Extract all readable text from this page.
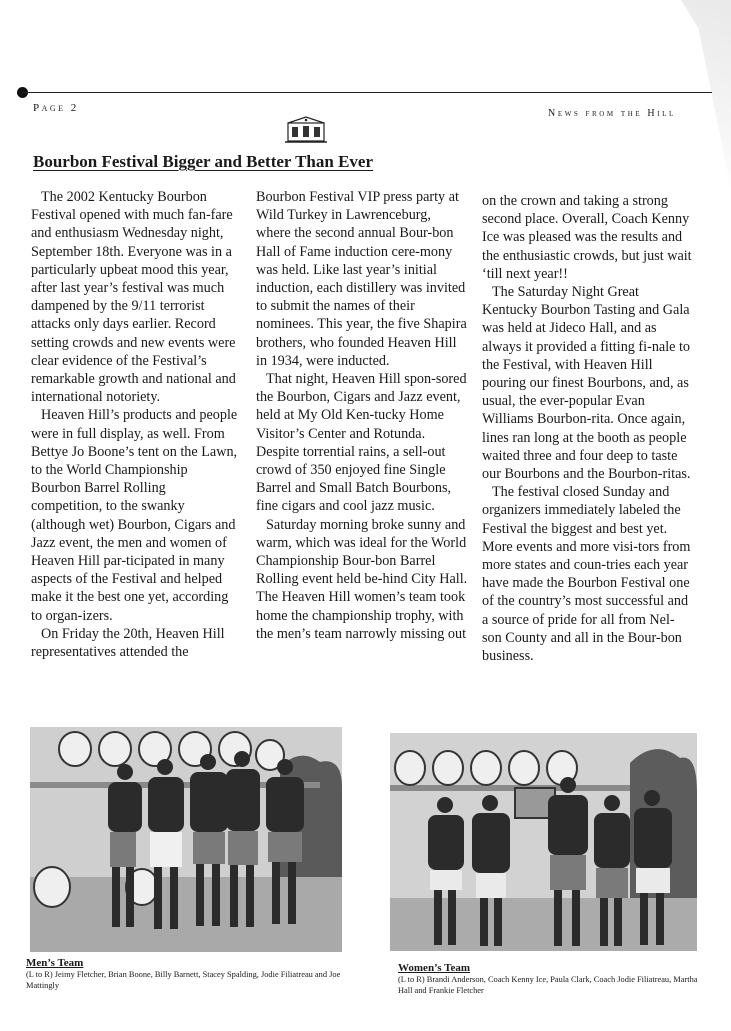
Page 2	News from the Hill
Bourbon Festival Bigger and Better Than Ever

The 2002 Kentucky Bourbon Festival opened with much fan-fare and enthusiasm Wednesday night, September 18th. Everyone was in a particularly upbeat mood this year, after last year’s festival was much dampened by the 9/11 terrorist attacks only days earlier. Record setting crowds and new events were clear evidence of the Festival’s remarkable growth and national and international notoriety.

Heaven Hill’s products and people were in full display, as well. From Bettye Jo Boone’s tent on the Lawn, to the World Championship Bourbon Barrel Rolling competition, to the swanky (although wet) Bourbon, Cigars and Jazz event, the men and women of Heaven Hill par-ticipated in many aspects of the Festival and helped make it the best one yet, according to organ-izers.

On Friday the 20th, Heaven Hill representatives attended the

Bourbon Festival VIP press party at Wild Turkey in Lawrenceburg, where the second annual Bour-bon Hall of Fame induction cere-mony was held. Like last year’s initial induction, each distillery was invited to submit the names of their nominees. This year, the five Shapira brothers, who founded Heaven Hill in 1934, were inducted.

That night, Heaven Hill spon-sored the Bourbon, Cigars and Jazz event, held at My Old Ken-tucky Home Visitor’s Center and Rotunda. Despite torrential rains, a sell-out crowd of 350 enjoyed fine Single Barrel and Small Batch Bourbons, fine cigars and cool jazz music.

Saturday morning broke sunny and warm, which was ideal for the World Championship Bour-bon Barrel Rolling event held be-hind City Hall. The Heaven Hill women’s team took home the championship trophy, with the men’s team narrowly missing out

on the crown and taking a strong second place. Overall, Coach Kenny Ice was pleased was the results and the enthusiastic crowds, but just wait ‘till next year!!

The Saturday Night Great Kentucky Bourbon Tasting and Gala was held at Jideco Hall, and as always it provided a fitting fi-nale to the Festival, with Heaven Hill pouring our finest Bourbons, and, as usual, the ever-popular Evan Williams Bourbon-rita. Once again, lines ran long at the booth as people waited three and four deep to taste our Bourbons and the Bourbon-ritas.

The festival closed Sunday and organizers immediately labeled the Festival the biggest and best yet. More events and more visi-tors from more states and coun-tries each year have made the Bourbon Festival one of the country’s most successful and a source of pride for all from Nel-son County and all in the Bour-bon business.

Men’s Team
(L to R) Jeimy Fletcher, Brian Boone, Billy Barnett, Stacey Spalding, Jodie Filiatreau and Joe Mattingly
Women’s Team
(L to R) Brandi Anderson, Coach Kenny Ice, Paula Clark, Coach Jodie Filiatreau, Martha Hall and Frankie Fletcher
